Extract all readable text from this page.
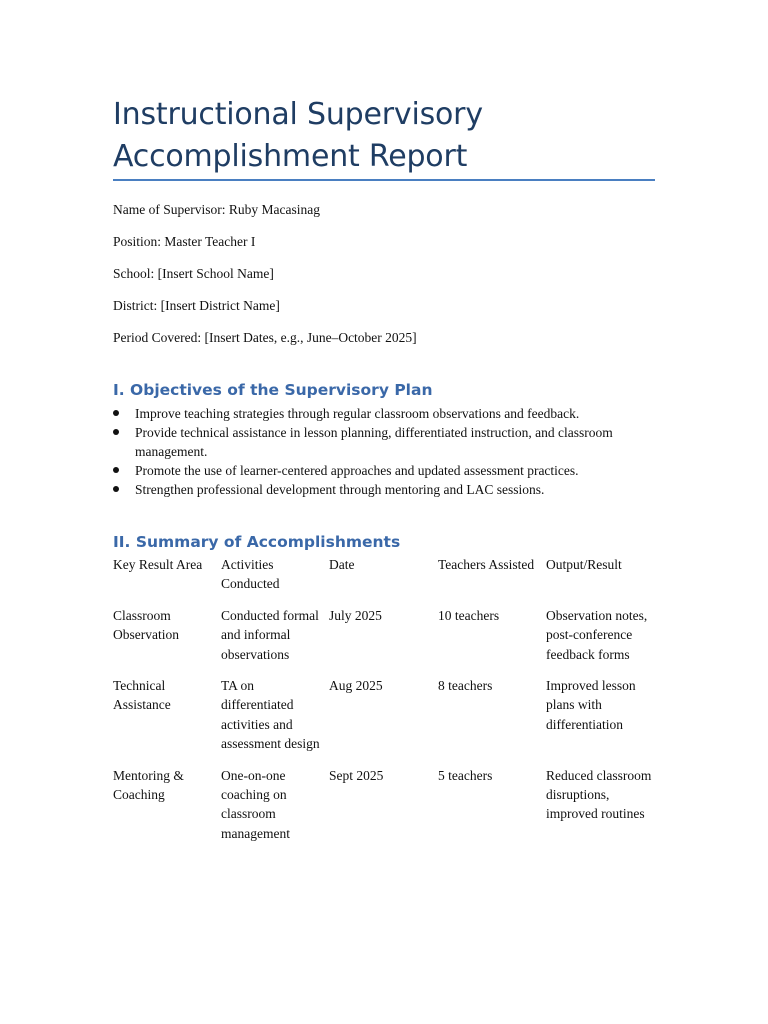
Instructional Supervisory Accomplishment Report
Name of Supervisor: Ruby Macasinag
Position: Master Teacher I
School: [Insert School Name]
District: [Insert District Name]
Period Covered: [Insert Dates, e.g., June–October 2025]
I. Objectives of the Supervisory Plan
Improve teaching strategies through regular classroom observations and feedback.
Provide technical assistance in lesson planning, differentiated instruction, and classroom management.
Promote the use of learner-centered approaches and updated assessment practices.
Strengthen professional development through mentoring and LAC sessions.
II. Summary of Accomplishments
Key Result Area	Activities Conducted	Date	Teachers Assisted	Output/Result
Classroom Observation	Conducted formal and informal observations	July 2025	10 teachers	Observation notes, post-conference feedback forms
Technical Assistance	TA on differentiated activities and assessment design	Aug 2025	8 teachers	Improved lesson plans with differentiation
Mentoring & Coaching	One-on-one coaching on classroom management	Sept 2025	5 teachers	Reduced classroom disruptions, improved routines
